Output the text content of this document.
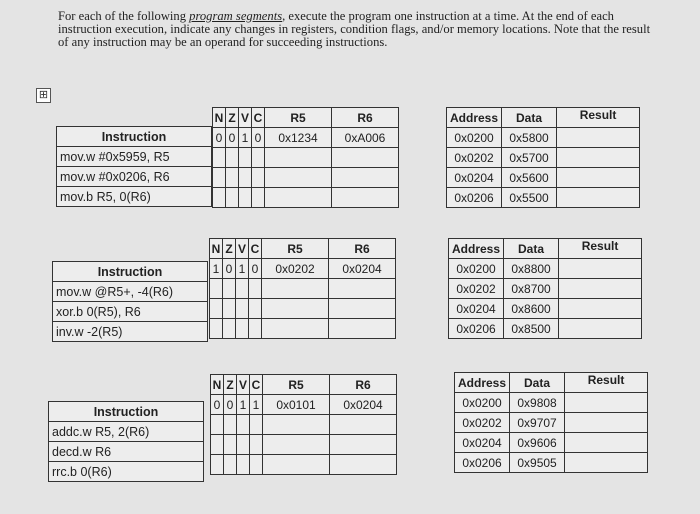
For each of the following program segments, execute the program one instruction at a time. At the end of each instruction execution, indicate any changes in registers, condition flags, and/or memory locations. Note that the result of any instruction may be an operand for succeeding instructions.
⊞
Instruction
mov.w #0x5959, R5
mov.w #0x0206, R6
mov.b R5, 0(R6)
N	Z	V	C	R5	R6
0	0	1	0	0x1234	0xA006

Address	Data	Result
0x0200	0x5800	
0x0202	0x5700	
0x0204	0x5600	
0x0206	0x5500	
Instruction
mov.w @R5+, -4(R6)
xor.b 0(R5), R6
inv.w -2(R5)
N	Z	V	C	R5	R6
1	0	1	0	0x0202	0x0204

Address	Data	Result
0x0200	0x8800	
0x0202	0x8700	
0x0204	0x8600	
0x0206	0x8500	
Instruction
addc.w R5, 2(R6)
decd.w R6
rrc.b 0(R6)
N	Z	V	C	R5	R6
0	0	1	1	0x0101	0x0204

Address	Data	Result
0x0200	0x9808	
0x0202	0x9707	
0x0204	0x9606	
0x0206	0x9505	
